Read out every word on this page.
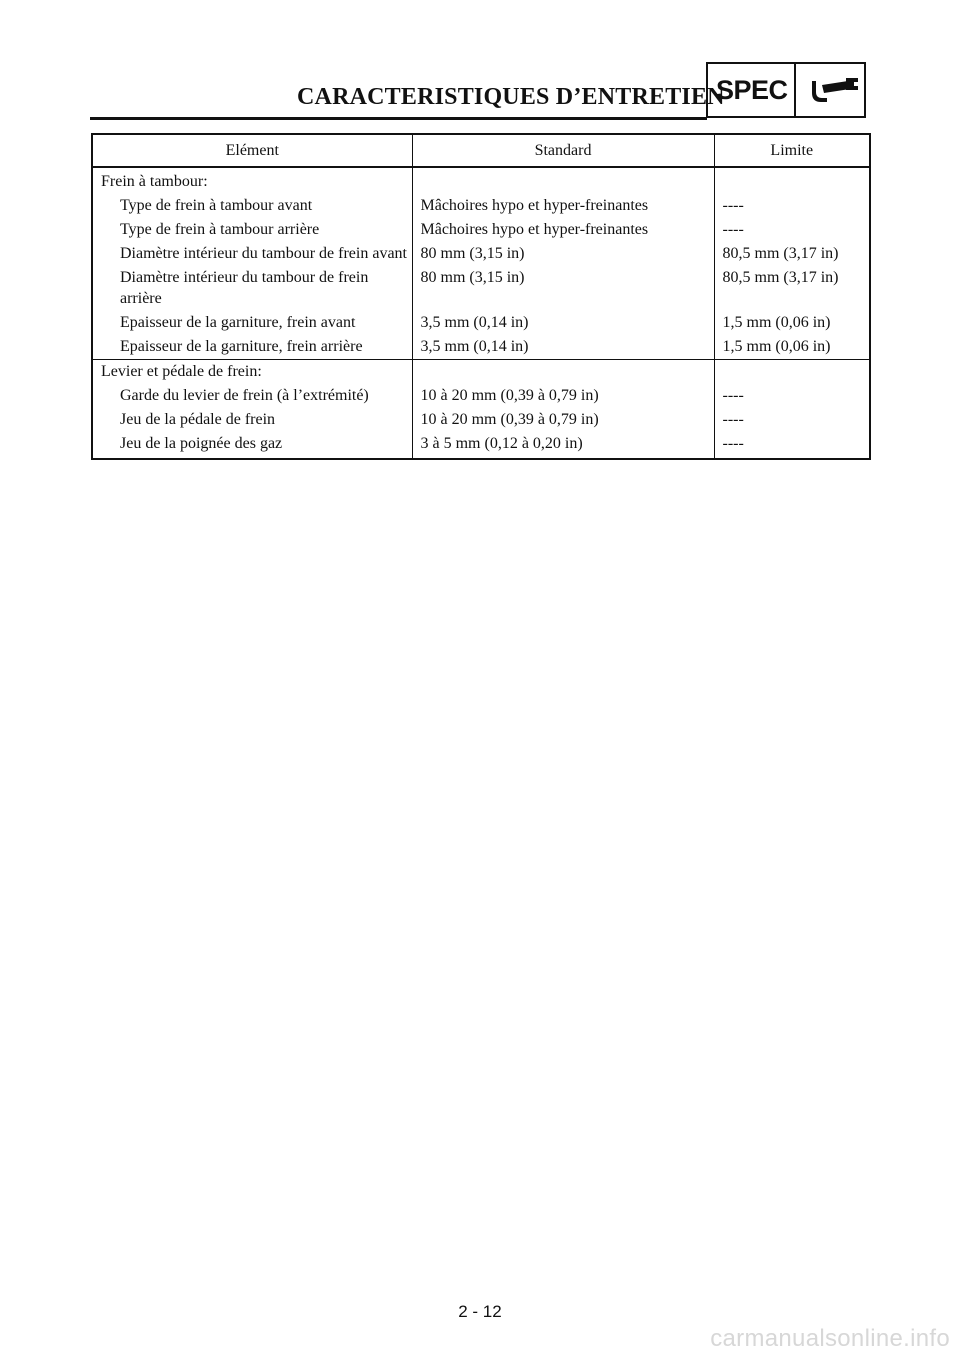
CARACTERISTIQUES D’ENTRETIEN
SPEC
Elément	Standard	Limite
Frein à tambour:		
Type de frein à tambour avant	Mâchoires hypo et hyper-freinantes	----
Type de frein à tambour arrière	Mâchoires hypo et hyper-freinantes	----
Diamètre intérieur du tambour de frein avant	80 mm (3,15 in)	80,5 mm (3,17 in)
Diamètre intérieur du tambour de frein arrière	80 mm (3,15 in)	80,5 mm (3,17 in)
Epaisseur de la garniture, frein avant	3,5 mm (0,14 in)	1,5 mm (0,06 in)
Epaisseur de la garniture, frein arrière	3,5 mm (0,14 in)	1,5 mm (0,06 in)
Levier et pédale de frein:		
Garde du levier de frein (à l’extrémité)	10 à 20 mm (0,39 à 0,79 in)	----
Jeu de la pédale de frein	10 à 20 mm (0,39 à 0,79 in)	----
Jeu de la poignée des gaz	3 à 5 mm (0,12 à 0,20 in)	----
2 - 12
carmanualsonline.info
